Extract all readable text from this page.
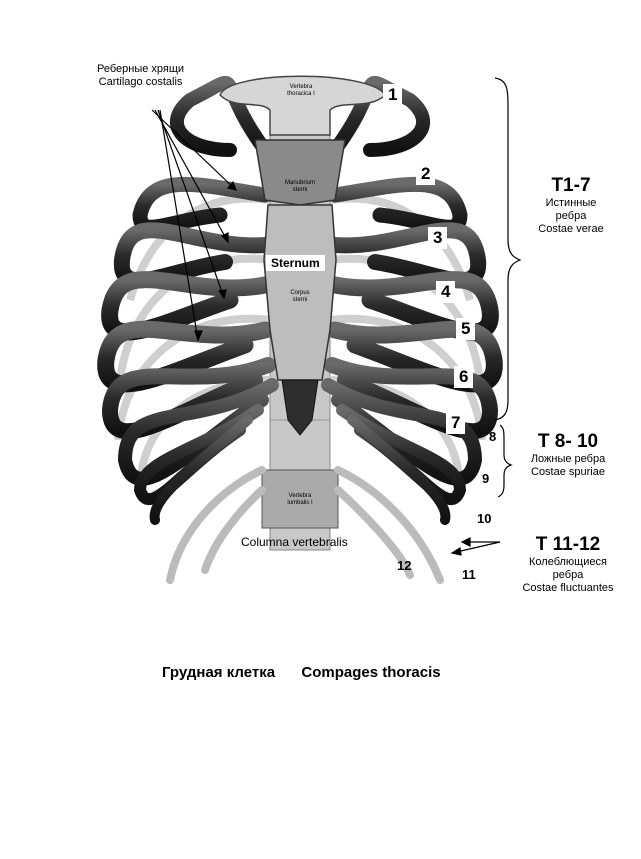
Реберные хрящи
Cartilago costalis	Vertebra
thoracica I
Manubrium
sterni
Corpus
sterni
Vertebra
lumbalis I
Sternum
Columna vertebralis
1
2
3
4
5
6
7
8
9
10
11
12
T1-7
Истинные
ребра
Costae verae
T 8- 10
Ложные ребра
Costae spuriae
T 11-12
Колеблющиеся
ребра
Costae fluctuantes
Грудная клетка Compages thoracis
